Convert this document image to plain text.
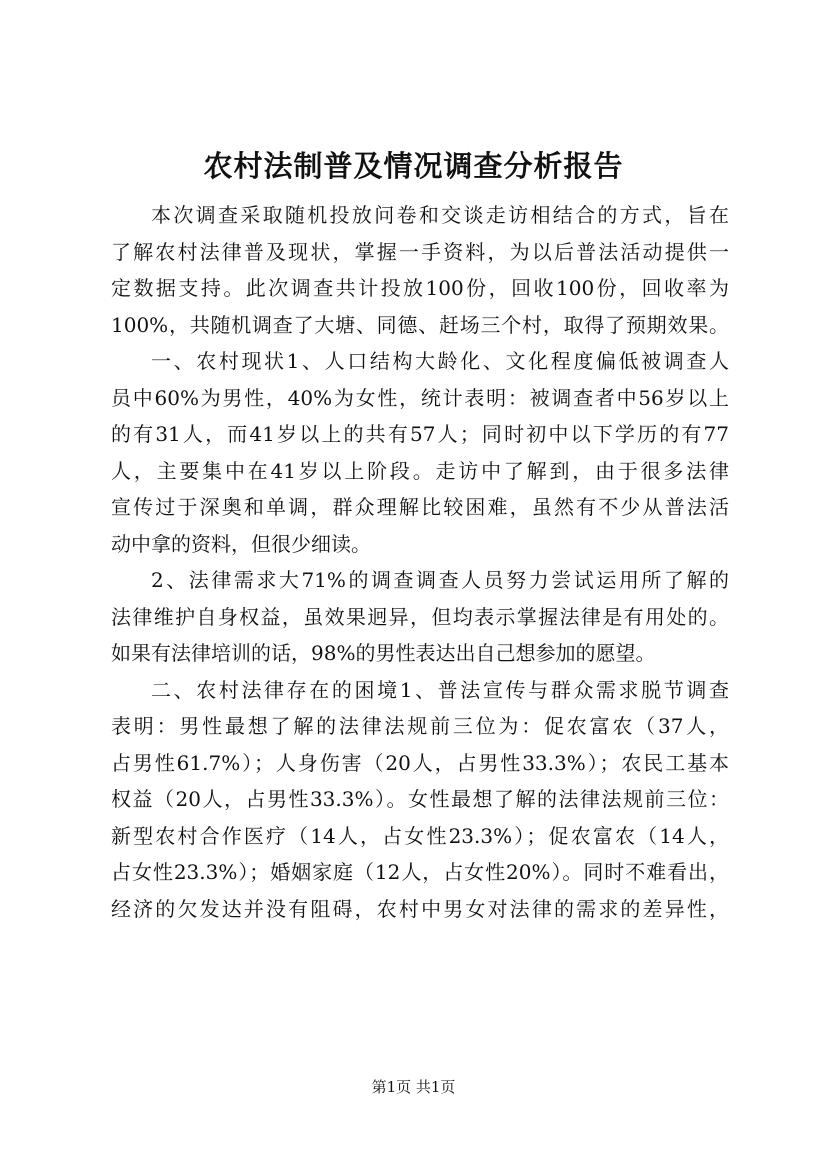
农村法制普及情况调查分析报告
本次调查采取随机投放问卷和交谈走访相结合的方式，旨在
了解农村法律普及现状，掌握一手资料，为以后普法活动提供一
定数据支持。此次调查共计投放100份，回收100份，回收率为
100%，共随机调查了大塘、同德、赶场三个村，取得了预期效果。
一、农村现状1、人口结构大龄化、文化程度偏低被调查人
员中60%为男性，40%为女性，统计表明：被调查者中56岁以上
的有31人，而41岁以上的共有57人；同时初中以下学历的有77
人，主要集中在41岁以上阶段。走访中了解到，由于很多法律
宣传过于深奥和单调，群众理解比较困难，虽然有不少从普法活
动中拿的资料，但很少细读。
2、法律需求大71%的调查调查人员努力尝试运用所了解的
法律维护自身权益，虽效果迥异，但均表示掌握法律是有用处的。
如果有法律培训的话，98%的男性表达出自己想参加的愿望。
二、农村法律存在的困境1、普法宣传与群众需求脱节调查
表明：男性最想了解的法律法规前三位为：促农富农（37人，
占男性61.7%）；人身伤害（20人，占男性33.3%）；农民工基本
权益（20人，占男性33.3%）。女性最想了解的法律法规前三位：
新型农村合作医疗（14人，占女性23.3%）；促农富农（14人，
占女性23.3%）；婚姻家庭（12人，占女性20%）。同时不难看出，
经济的欠发达并没有阻碍，农村中男女对法律的需求的差异性，
第1页 共1页
